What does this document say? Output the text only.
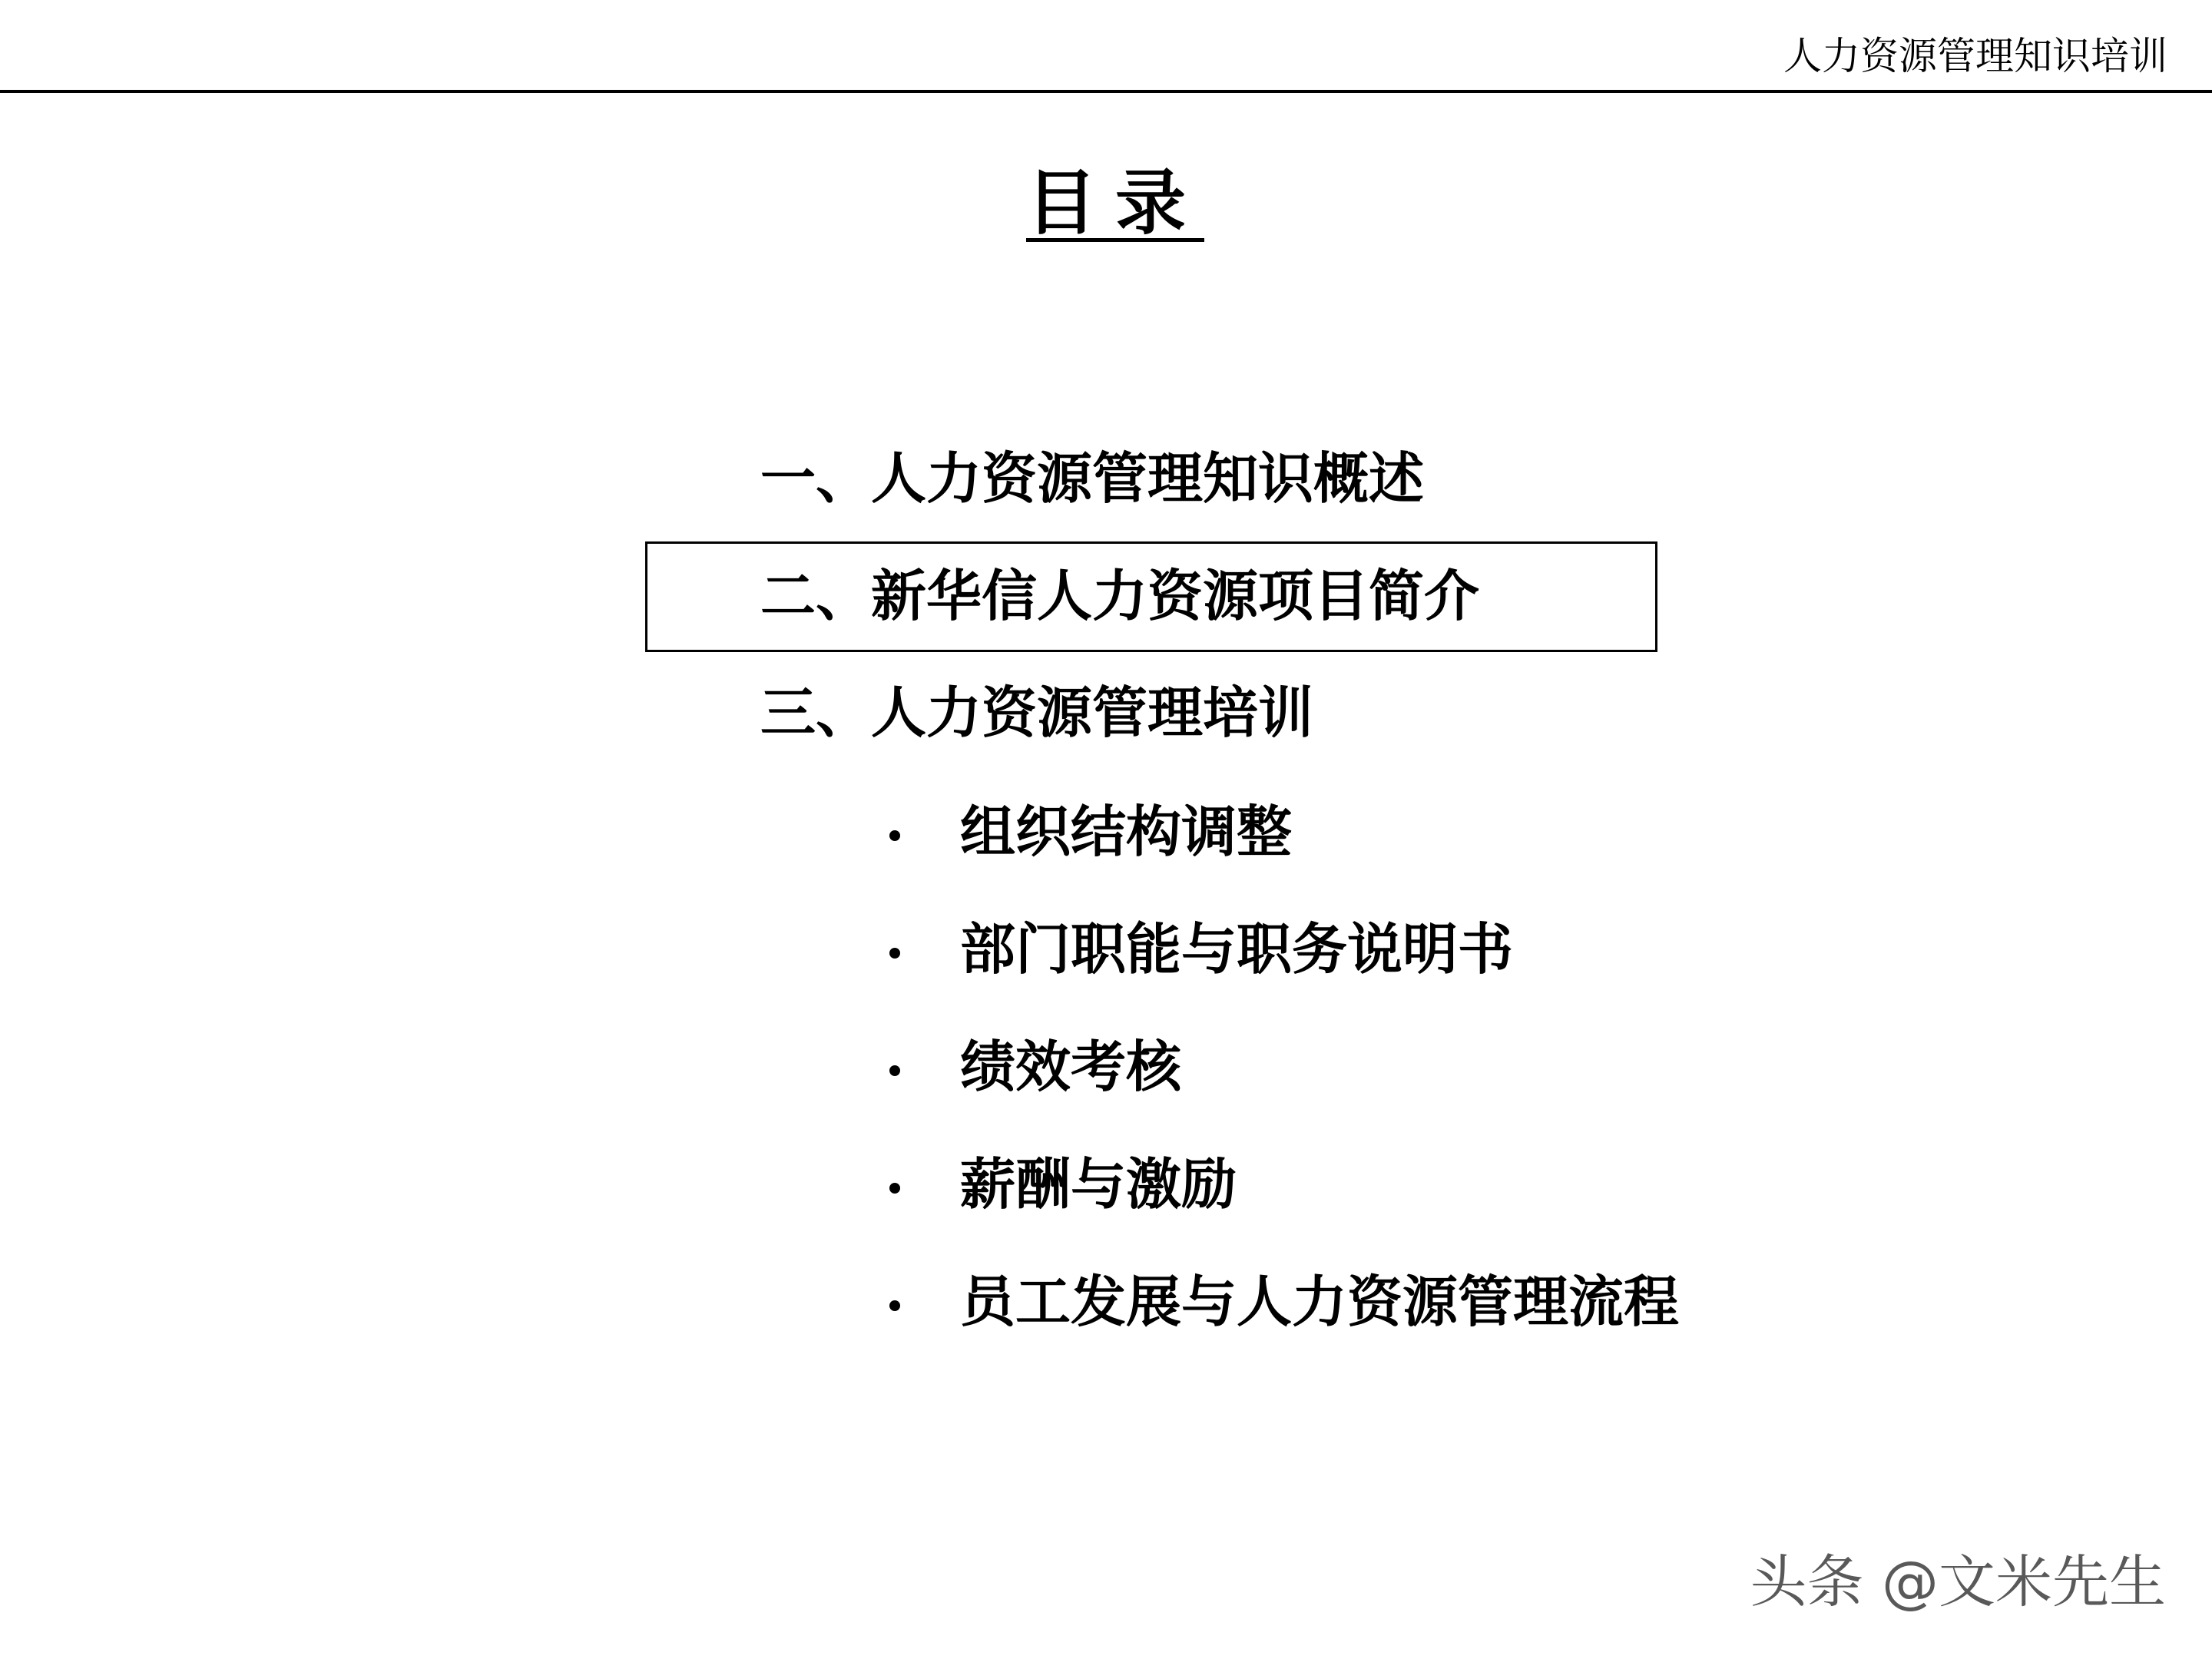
人力资源管理知识培训
目录
一、人力资源管理知识概述
二、新华信人力资源项目简介
三、人力资源管理培训
组织结构调整
部门职能与职务说明书
绩效考核
薪酬与激励
员工发展与人力资源管理流程
头条 @文米先生
